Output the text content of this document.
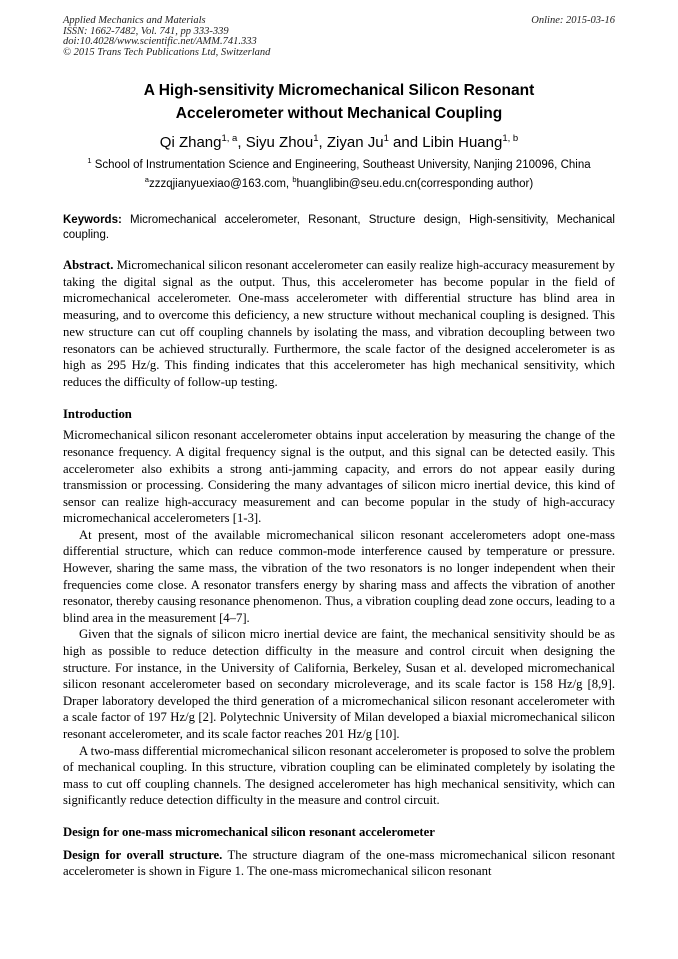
Applied Mechanics and Materials
ISSN: 1662-7482, Vol. 741, pp 333-339
doi:10.4028/www.scientific.net/AMM.741.333
© 2015 Trans Tech Publications Ltd, Switzerland
Online: 2015-03-16
A High-sensitivity Micromechanical Silicon Resonant
Accelerometer without Mechanical Coupling
Qi Zhang$^{1, a}$, Siyu Zhou$^1$, Ziyan Ju$^1$ and Libin Huang$^{1, b}$
$^1$ School of Instrumentation Science and Engineering, Southeast University, Nanjing 210096, China
$^a$zzzqjianyuexiao@163.com, $^b$huanglibin@seu.edu.cn(corresponding author)
Keywords: Micromechanical accelerometer, Resonant, Structure design, High-sensitivity, Mechanical coupling.
Abstract. Micromechanical silicon resonant accelerometer can easily realize high-accuracy measurement by taking the digital signal as the output. Thus, this accelerometer has become popular in the field of micromechanical accelerometer. One-mass accelerometer with differential structure has blind area in measuring, and to overcome this deficiency, a new structure without mechanical coupling is designed. This new structure can cut off coupling channels by isolating the mass, and vibration decoupling between two resonators can be achieved structurally. Furthermore, the scale factor of the designed accelerometer is as high as 295 Hz/g. This finding indicates that this accelerometer has high mechanical sensitivity, which reduces the difficulty of follow-up testing.
Introduction

Micromechanical silicon resonant accelerometer obtains input acceleration by measuring the change of the resonance frequency. A digital frequency signal is the output, and this signal can be detected easily. This accelerometer also exhibits a strong anti-jamming capacity, and errors do not appear easily during transmission or processing. Considering the many advantages of silicon micro inertial device, this kind of sensor can realize high-accuracy measurement and can become popular in the study of high-accuracy micromechanical accelerometers [1-3].

At present, most of the available micromechanical silicon resonant accelerometers adopt one-mass differential structure, which can reduce common-mode interference caused by temperature or pressure. However, sharing the same mass, the vibration of the two resonators is no longer independent when their frequencies come close. A resonator transfers energy by sharing mass and affects the vibration of another resonator, thereby causing resonance phenomenon. Thus, a vibration coupling dead zone occurs, leading to a blind area in the measurement [4–7].

Given that the signals of silicon micro inertial device are faint, the mechanical sensitivity should be as high as possible to reduce detection difficulty in the measure and control circuit when designing the structure. For instance, in the University of California, Berkeley, Susan et al. developed micromechanical silicon resonant accelerometer based on secondary microleverage, and its scale factor is 158 Hz/g [8,9]. Draper laboratory developed the third generation of a micromechanical silicon resonant accelerometer with a scale factor of 197 Hz/g [2]. Polytechnic University of Milan developed a biaxial micromechanical silicon resonant accelerometer, and its scale factor reaches 201 Hz/g [10].

A two-mass differential micromechanical silicon resonant accelerometer is proposed to solve the problem of mechanical coupling. In this structure, vibration coupling can be eliminated completely by isolating the mass to cut off coupling channels. The designed accelerometer has high mechanical sensitivity, which can significantly reduce detection difficulty in the measure and control circuit.

Design for one-mass micromechanical silicon resonant accelerometer

Design for overall structure. The structure diagram of the one-mass micromechanical silicon resonant accelerometer is shown in Figure 1. The one-mass micromechanical silicon resonant
